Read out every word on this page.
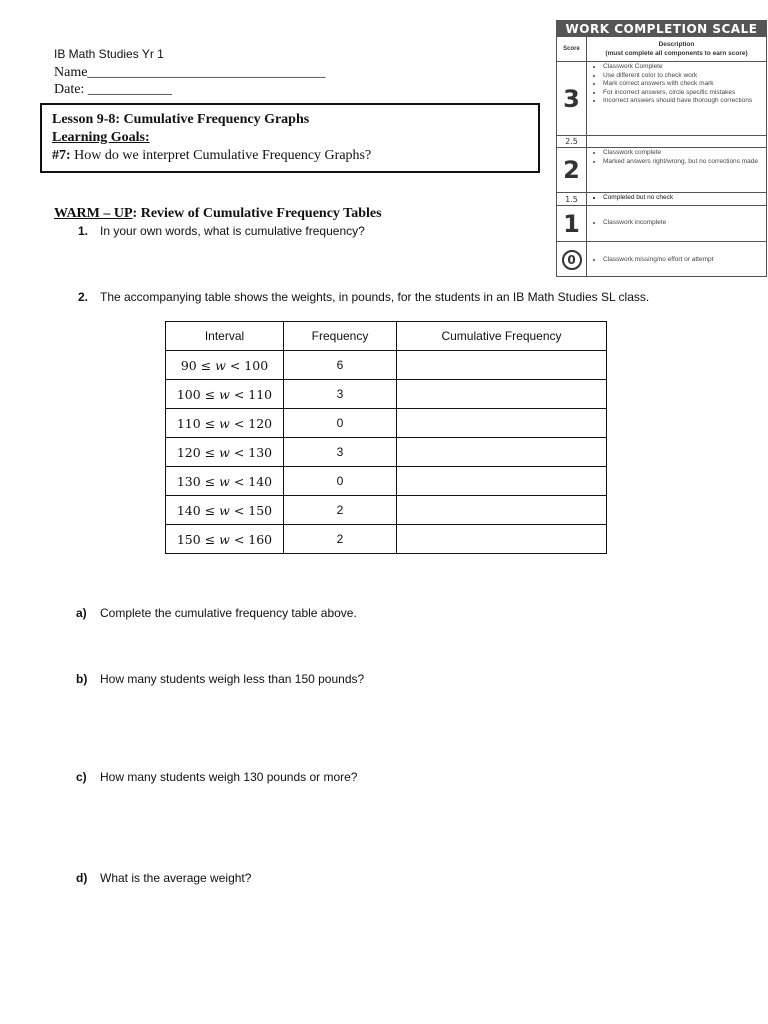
IB Math Studies Yr 1
Name__________________________________
Date: ____________
Lesson 9-8: Cumulative Frequency Graphs
Learning Goals:
#7: How do we interpret Cumulative Frequency Graphs?
WORK COMPLETION SCALE
Score
Description
(must complete all components to earn score)
3
• Classwork Complete
• Use different color to check work
• Mark correct answers with check mark
• For incorrect answers, circle specific mistakes
• Incorrect answers should have thorough corrections
2.5
2
• Classwork complete
• Marked answers right/wrong, but no corrections made
1.5	• Completed but no check
1	• Classwork incomplete
0	• Classwork missing/no effort or attempt
WARM – UP: Review of Cumulative Frequency Tables
1. In your own words, what is cumulative frequency?
2. The accompanying table shows the weights, in pounds, for the students in an IB Math Studies SL class.
Interval	Frequency	Cumulative Frequency
90 ≤ w < 100	6	
100 ≤ w < 110	3	
110 ≤ w < 120	0	
120 ≤ w < 130	3	
130 ≤ w < 140	0	
140 ≤ w < 150	2	
150 ≤ w < 160	2	
a) Complete the cumulative frequency table above.
b) How many students weigh less than 150 pounds?
c) How many students weigh 130 pounds or more?
d) What is the average weight?
